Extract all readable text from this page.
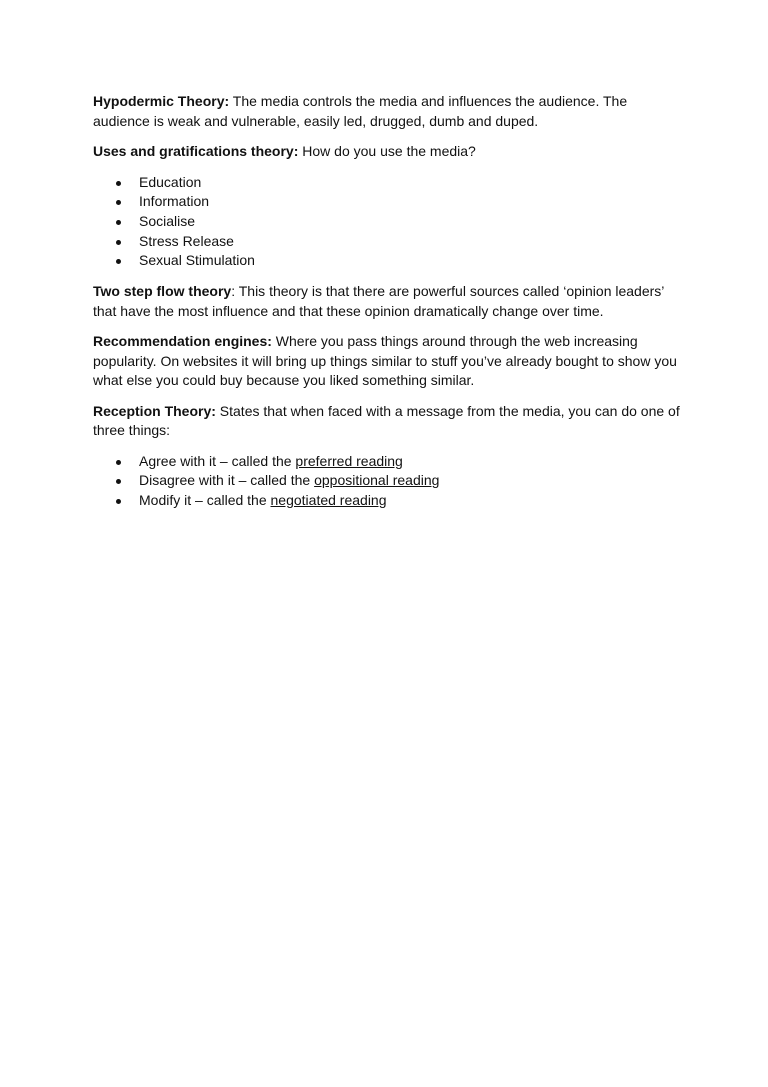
Hypodermic Theory: The media controls the media and influences the audience. The audience is weak and vulnerable, easily led, drugged, dumb and duped.

Uses and gratifications theory: How do you use the media?

Education
Information
Socialise
Stress Release
Sexual Stimulation

Two step flow theory: This theory is that there are powerful sources called ‘opinion leaders’ that have the most influence and that these opinion dramatically change over time.

Recommendation engines: Where you pass things around through the web increasing popularity. On websites it will bring up things similar to stuff you’ve already bought to show you what else you could buy because you liked something similar.

Reception Theory: States that when faced with a message from the media, you can do one of three things:

Agree with it – called the preferred reading
Disagree with it – called the oppositional reading
Modify it – called the negotiated reading
